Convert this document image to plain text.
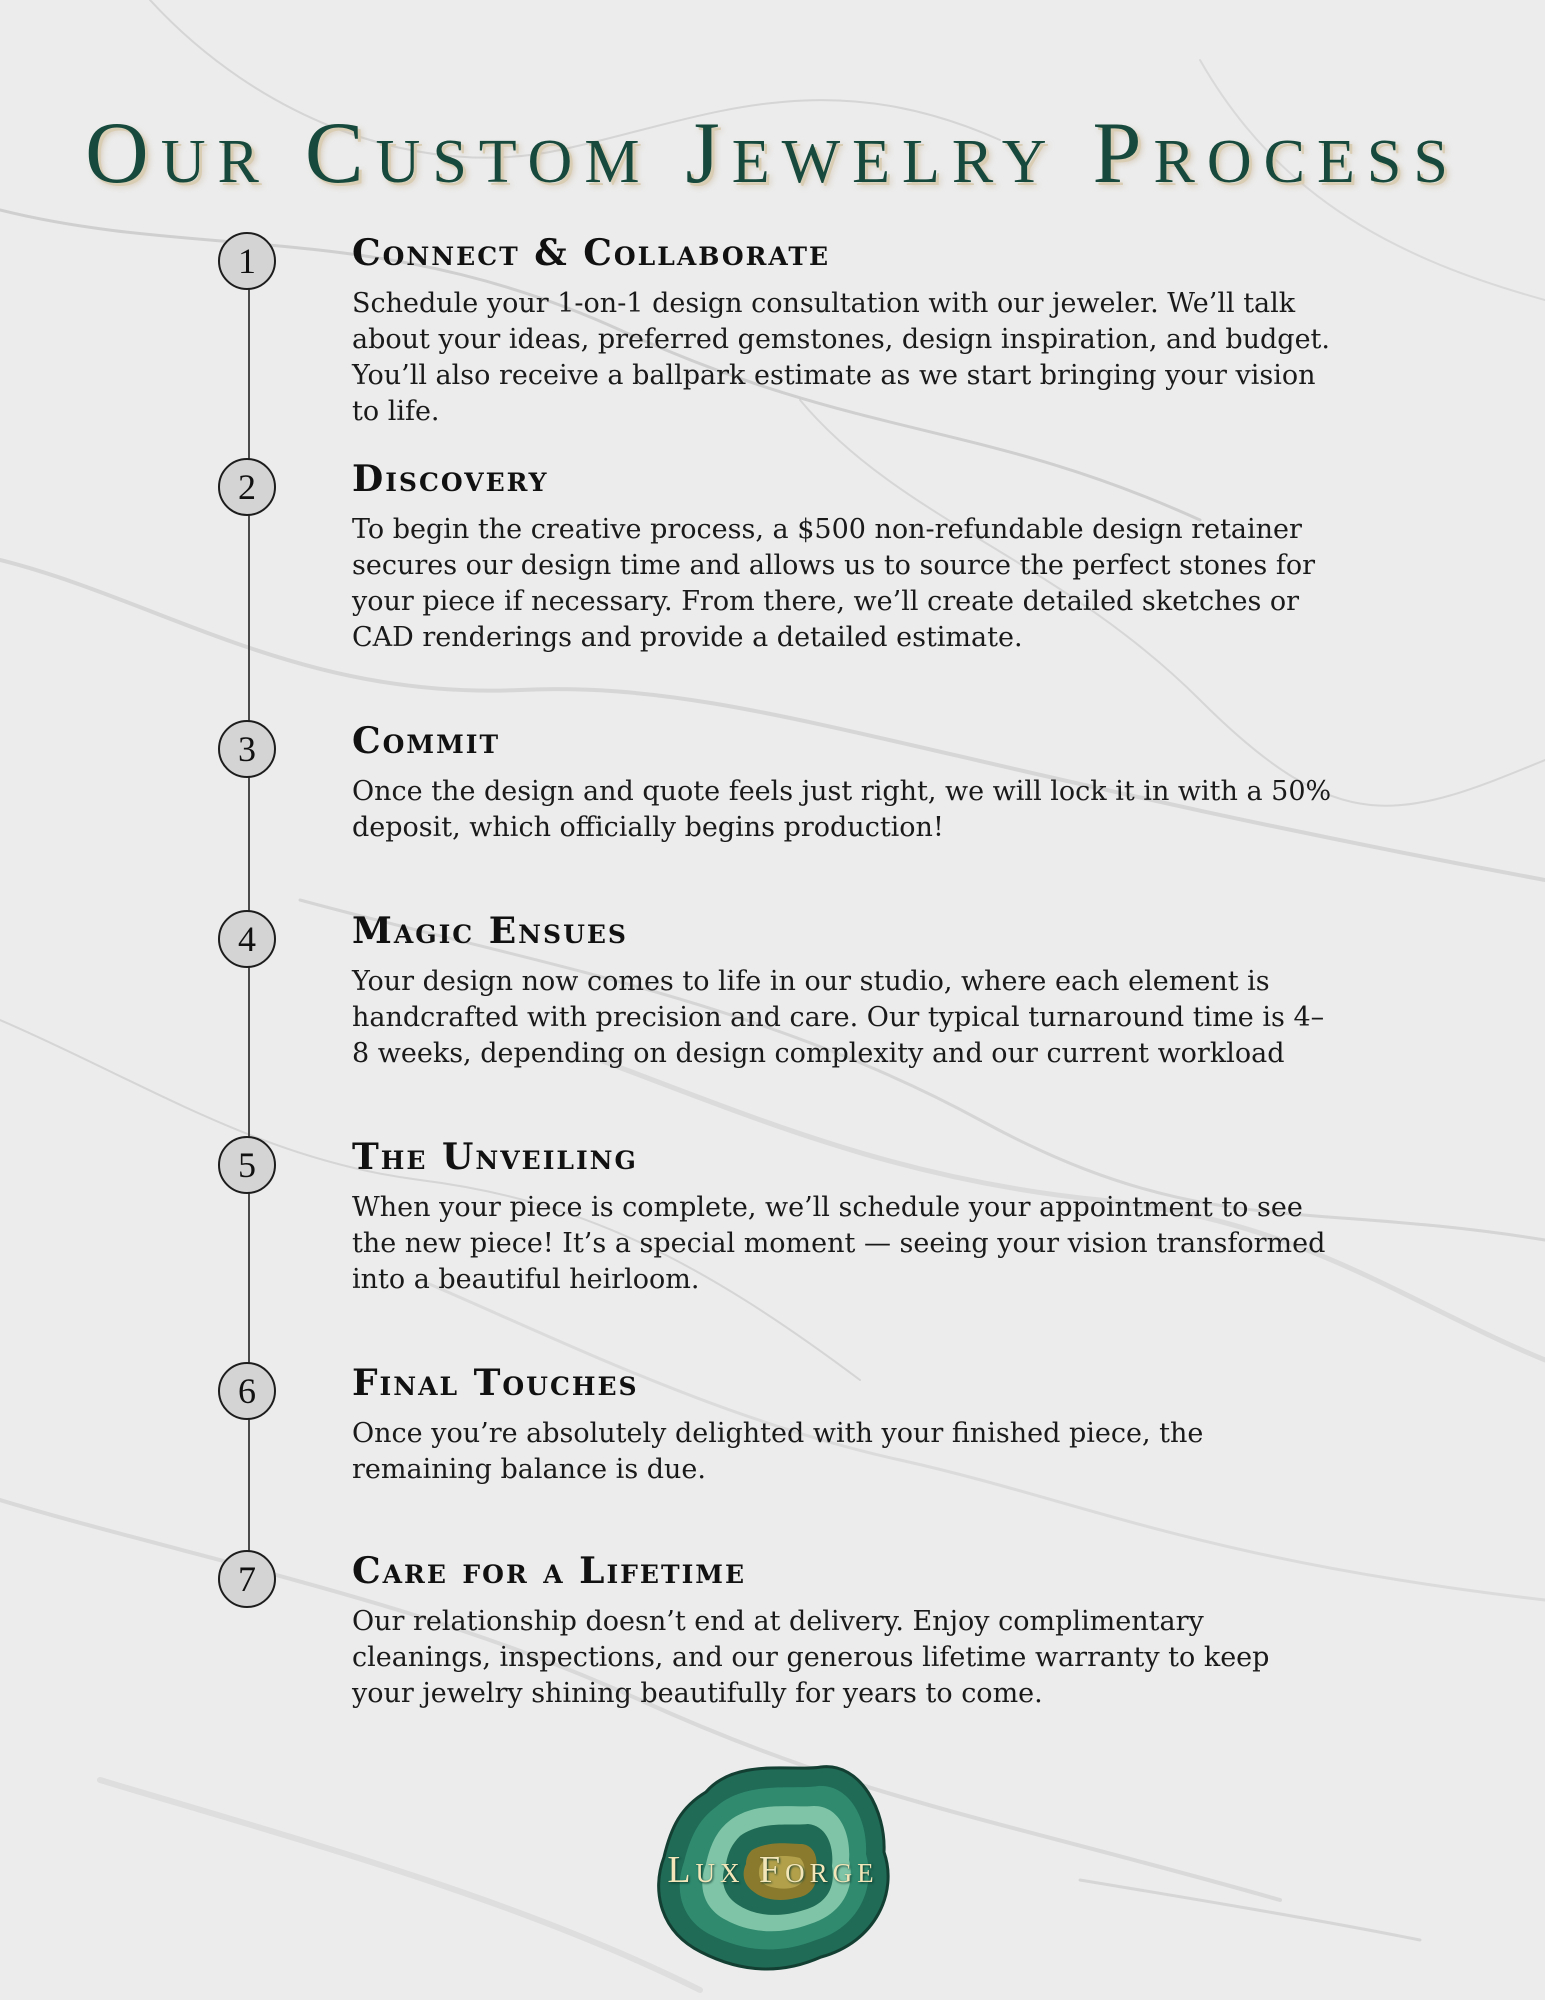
Our Custom Jewelry Process
1	Connect & Collaborate
Schedule your 1-on-1 design consultation with our jeweler. We’ll talk about your ideas, preferred gemstones, design inspiration, and budget. You’ll also receive a ballpark estimate as we start bringing your vision to life.
2	Discovery
To begin the creative process, a $500 non-refundable design retainer secures our design time and allows us to source the perfect stones for your piece if necessary. From there, we’ll create detailed sketches or CAD renderings and provide a detailed estimate.
3	Commit
Once the design and quote feels just right, we will lock it in with a 50% deposit, which officially begins production!
4	Magic Ensues
Your design now comes to life in our studio, where each element is handcrafted with precision and care. Our typical turnaround time is 4–8 weeks, depending on design complexity and our current workload
5	The Unveiling
When your piece is complete, we’ll schedule your appointment to see the new piece! It’s a special moment — seeing your vision transformed into a beautiful heirloom.
6	Final Touches
Once you’re absolutely delighted with your finished piece, the remaining balance is due.
7	Care for a Lifetime
Our relationship doesn’t end at delivery. Enjoy complimentary cleanings, inspections, and our generous lifetime warranty to keep your jewelry shining beautifully for years to come.
Lux Forge
